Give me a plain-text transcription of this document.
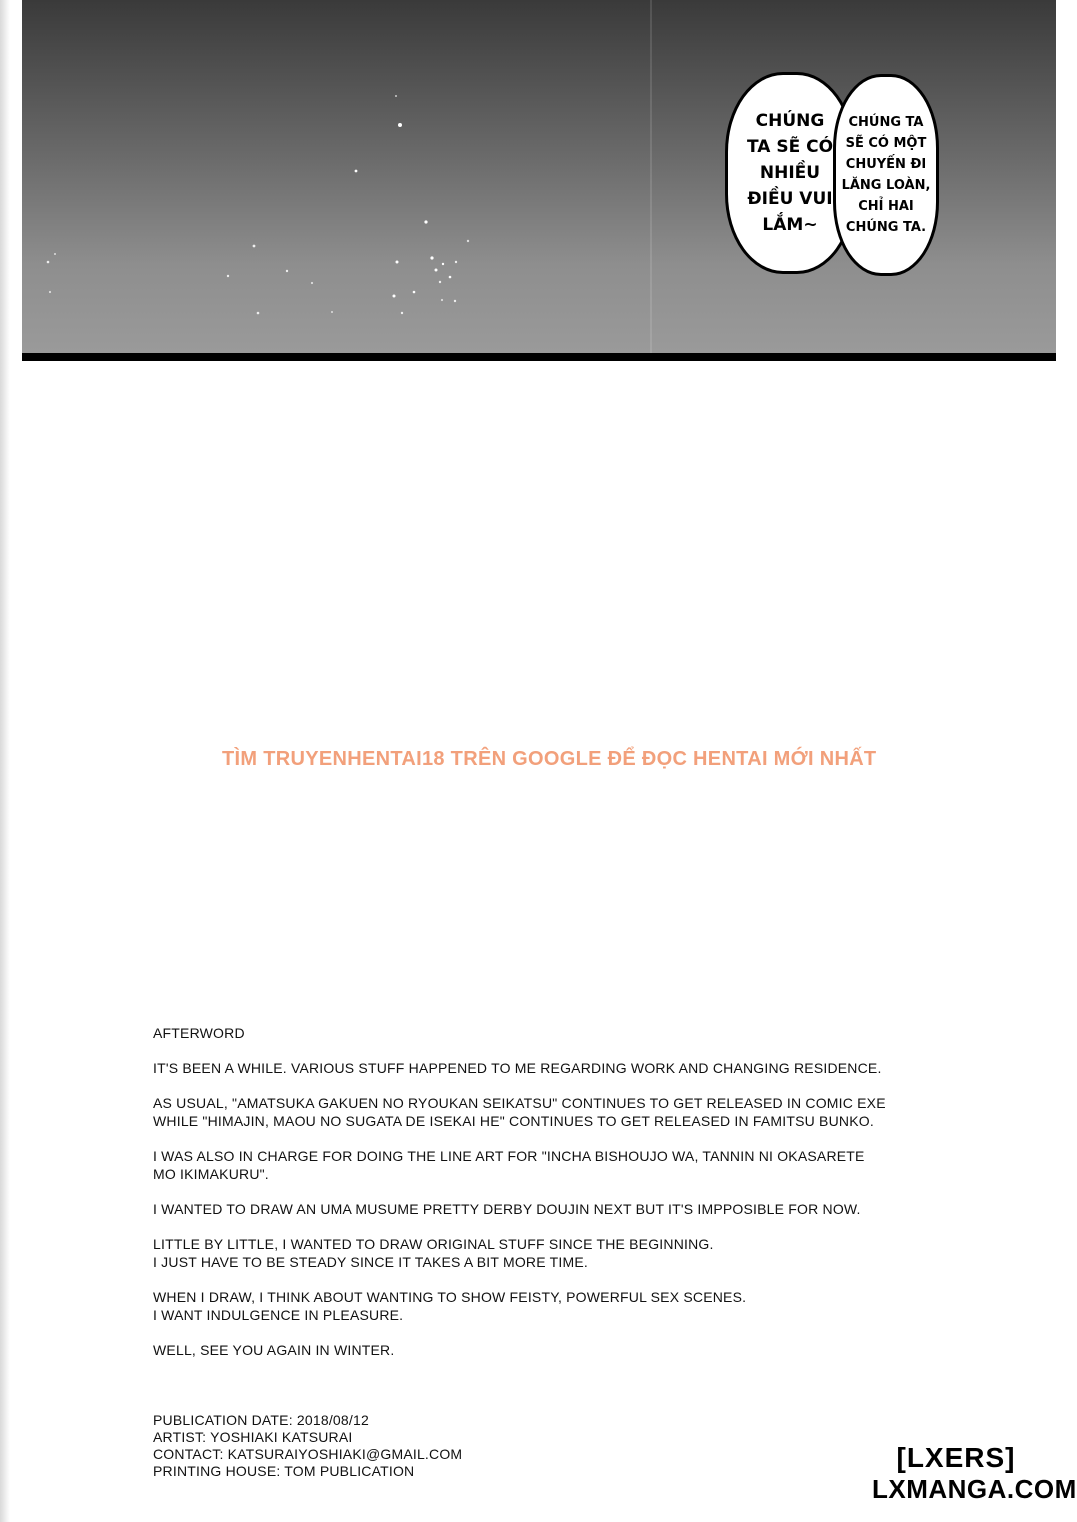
CHÚNG
TA SẼ CÓ
NHIỀU
ĐIỀU VUI
LẮM~
CHÚNG TA
SẼ CÓ MỘT
CHUYẾN ĐI
LĂNG LOÀN,
CHỈ HAI
CHÚNG TA.
TÌM TRUYENHENTAI18 TRÊN GOOGLE ĐỂ ĐỌC HENTAI MỚI NHẤT

AFTERWORD

IT'S BEEN A WHILE. VARIOUS STUFF HAPPENED TO ME REGARDING WORK AND CHANGING RESIDENCE.

AS USUAL, "AMATSUKA GAKUEN NO RYOUKAN SEIKATSU" CONTINUES TO GET RELEASED IN COMIC EXE
WHILE "HIMAJIN, MAOU NO SUGATA DE ISEKAI HE" CONTINUES TO GET RELEASED IN FAMITSU BUNKO.

I WAS ALSO IN CHARGE FOR DOING THE LINE ART FOR "INCHA BISHOUJO WA, TANNIN NI OKASARETE
MO IKIMAKURU".

I WANTED TO DRAW AN UMA MUSUME PRETTY DERBY DOUJIN NEXT BUT IT'S IMPPOSIBLE FOR NOW.

LITTLE BY LITTLE, I WANTED TO DRAW ORIGINAL STUFF SINCE THE BEGINNING.
I JUST HAVE TO BE STEADY SINCE IT TAKES A BIT MORE TIME.

WHEN I DRAW, I THINK ABOUT WANTING TO SHOW FEISTY, POWERFUL SEX SCENES.
I WANT INDULGENCE IN PLEASURE.

WELL, SEE YOU AGAIN IN WINTER.

PUBLICATION DATE: 2018/08/12
ARTIST: YOSHIAKI KATSURAI
CONTACT: KATSURAIYOSHIAKI@GMAIL.COM
PRINTING HOUSE: TOM PUBLICATION	[LXERS]
LXMANGA.COM
